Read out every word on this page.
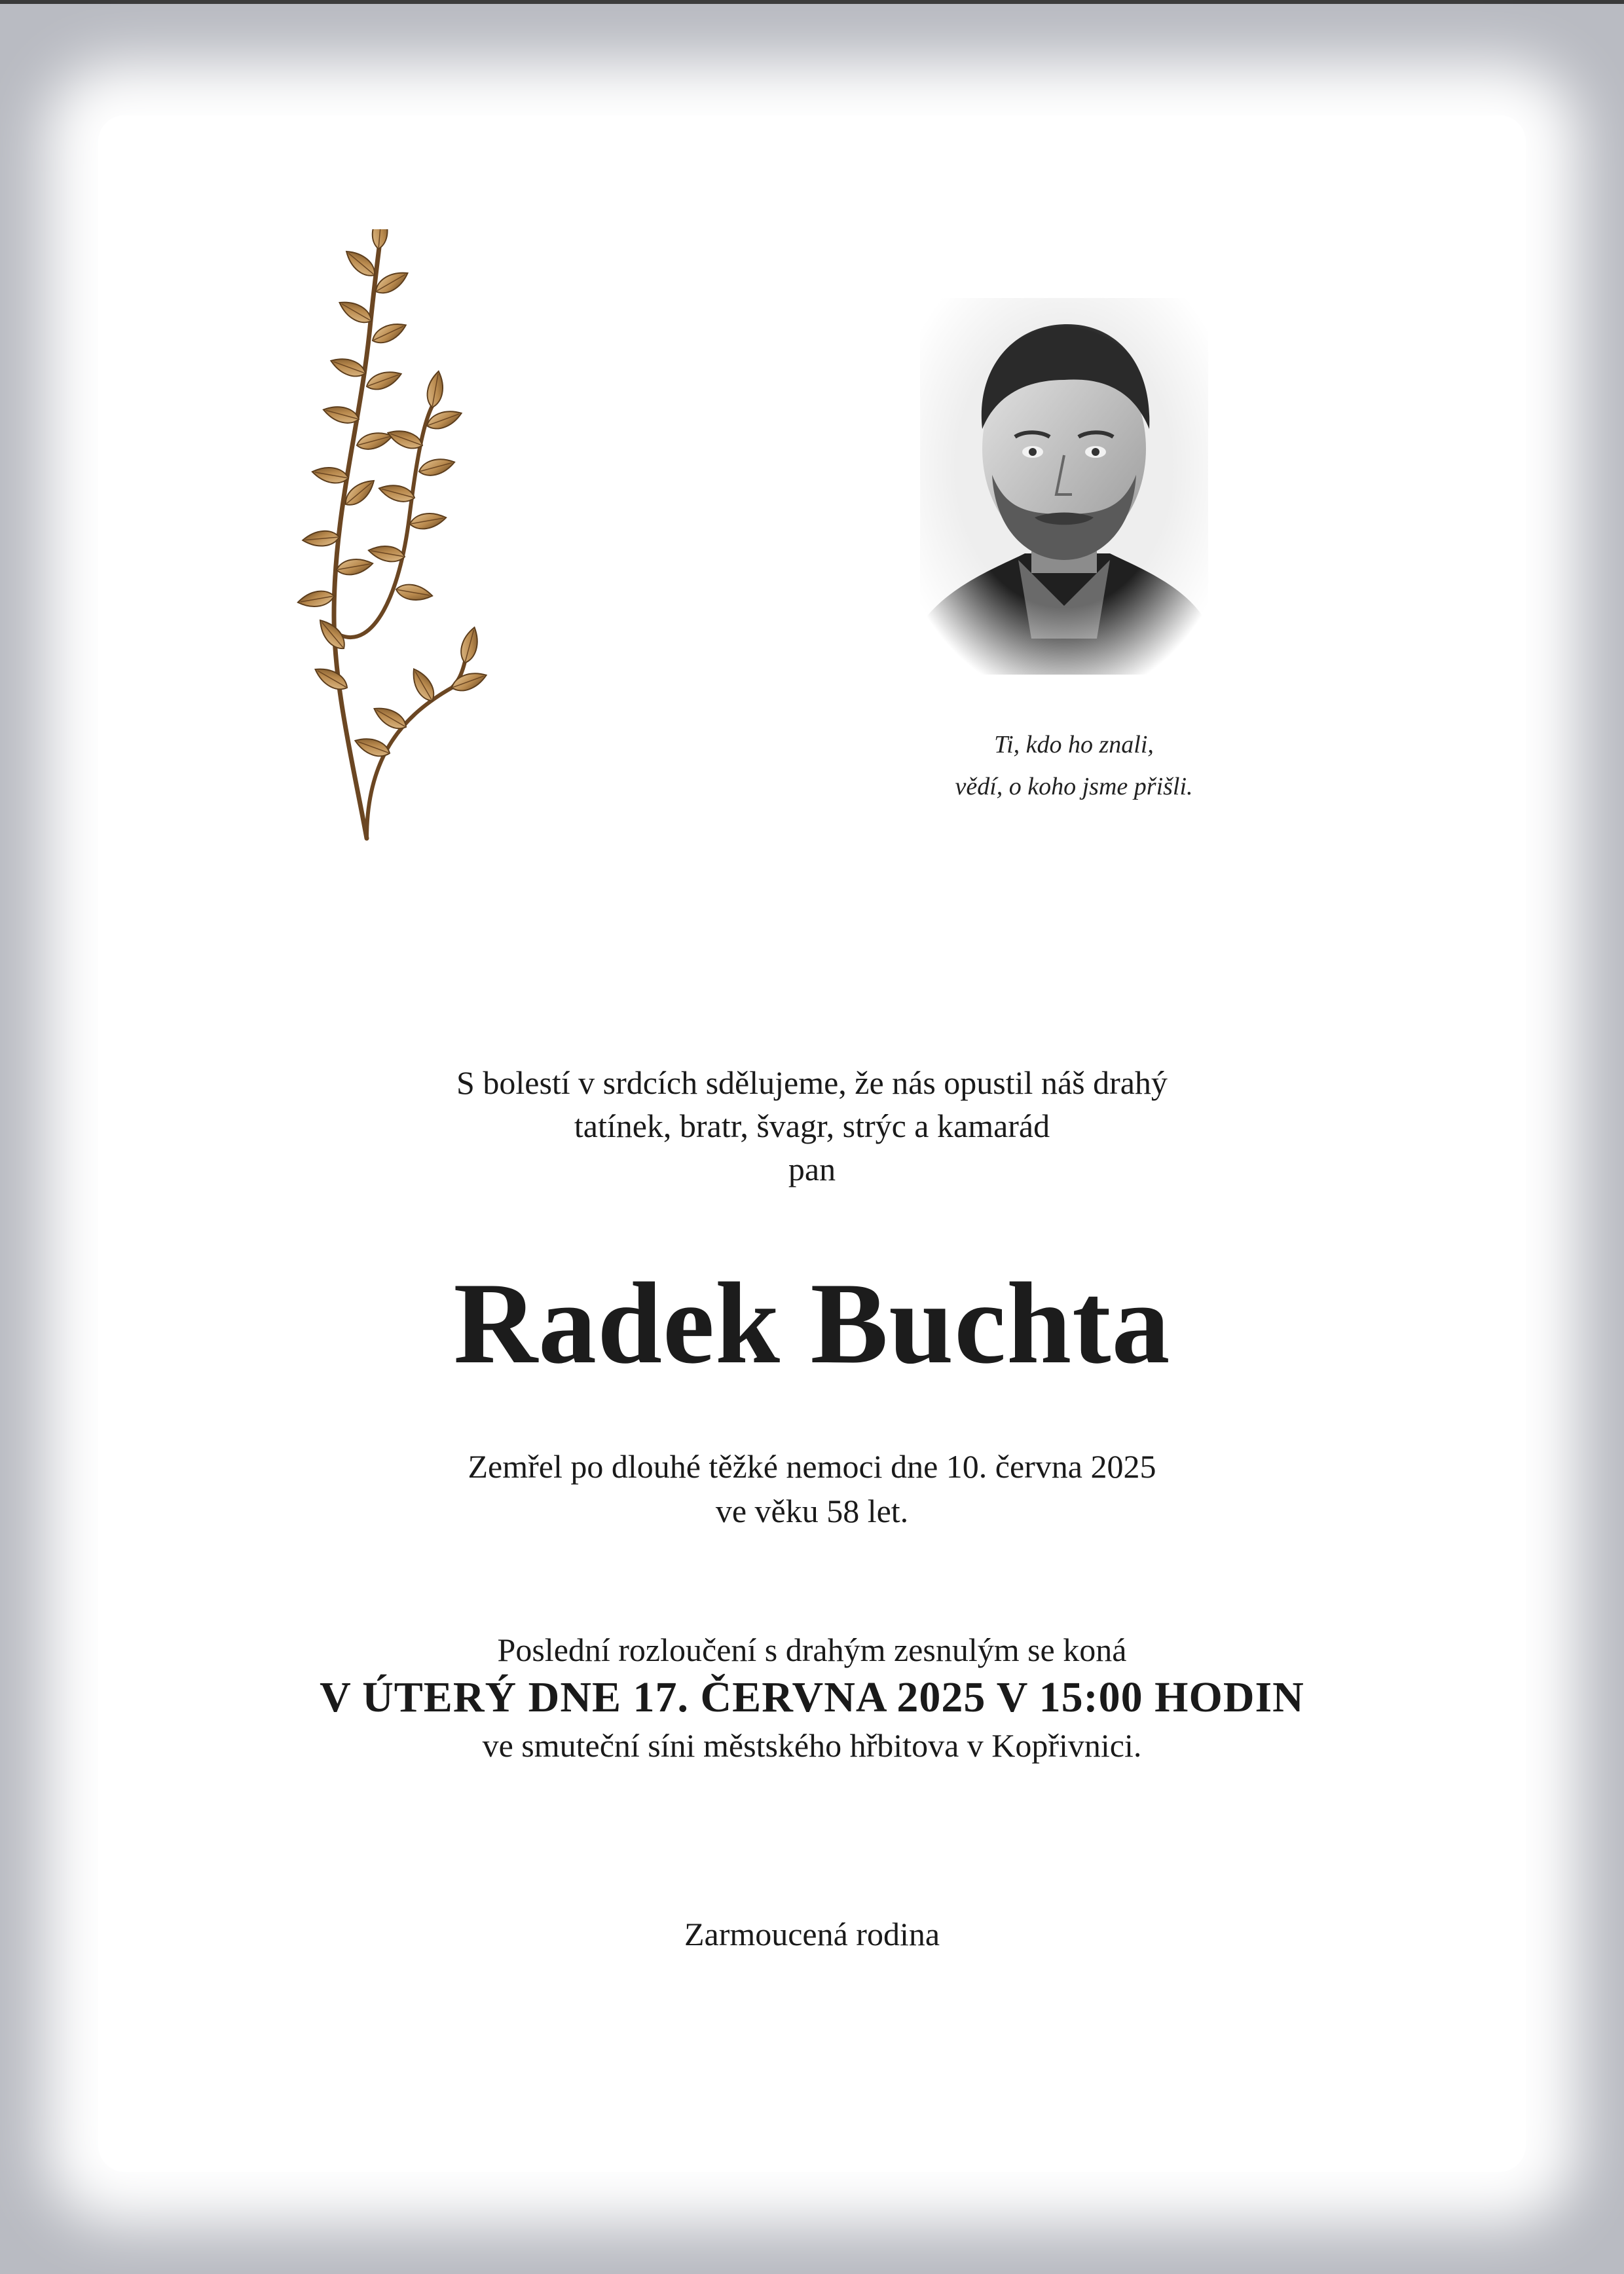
Ti, kdo ho znali,
vědí, o koho jsme přišli.
S bolestí v srdcích sdělujeme, že nás opustil náš drahý
tatínek, bratr, švagr, strýc a kamarád
pan
Radek Buchta
Zemřel po dlouhé těžké nemoci dne 10. června 2025
ve věku 58 let.
Poslední rozloučení s drahým zesnulým se koná
V ÚTERÝ DNE 17. ČERVNA 2025 V 15:00 HODIN
ve smuteční síni městského hřbitova v Kopřivnici.
Zarmoucená rodina
